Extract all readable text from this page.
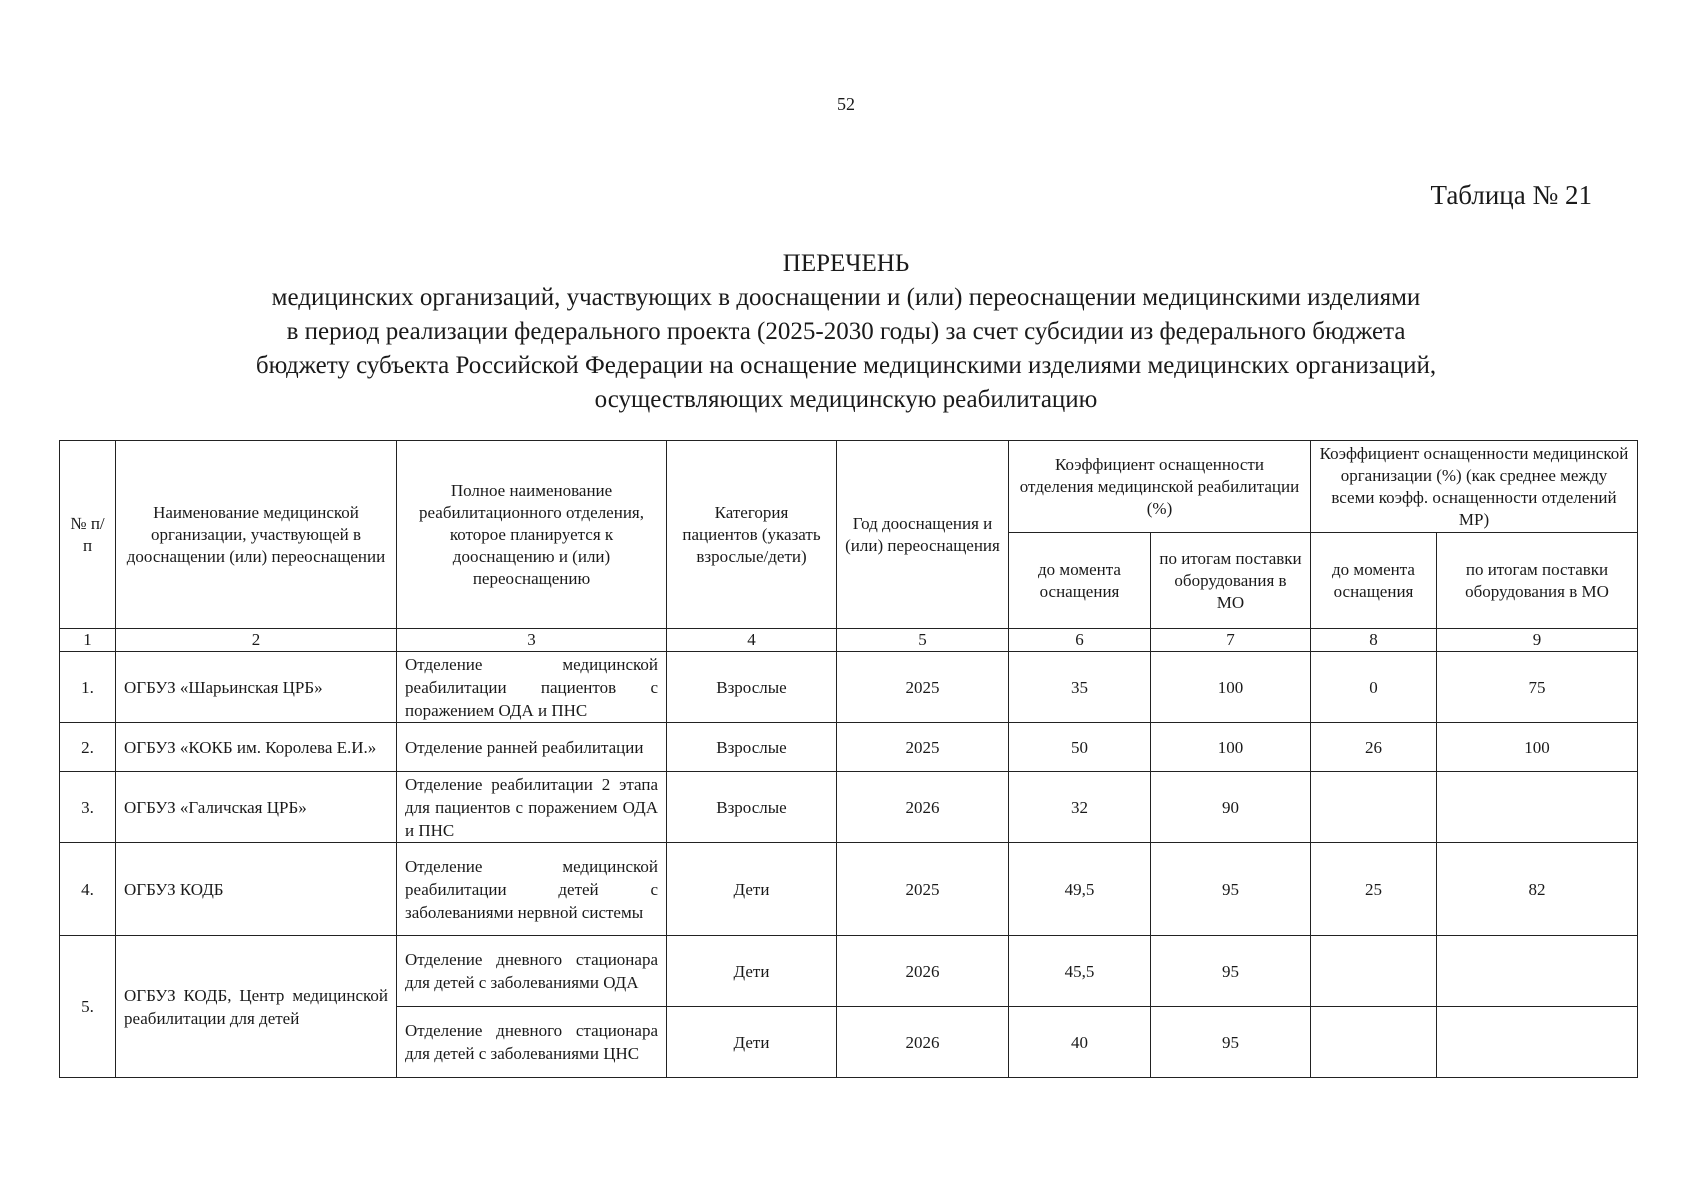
52
Таблица № 21
ПЕРЕЧЕНЬ
медицинских организаций, участвующих в дооснащении и (или) переоснащении медицинскими изделиями
в период реализации федерального проекта (2025-2030 годы) за счет субсидии из федерального бюджета
бюджету субъекта Российской Федерации на оснащение медицинскими изделиями медицинских организаций,
осуществляющих медицинскую реабилитацию
№ п/п	Наименование медицинской организации, участвующей в дооснащении (или) переоснащении	Полное наименование реабилитационного отделения, которое планируется к дооснащению и (или) переоснащению	Категория пациентов (указать взрослые/дети)	Год дооснащения и (или) переоснащения	Коэффициент оснащенности отделения медицинской реабилитации (%)		Коэффициент оснащенности медицинской организации (%) (как среднее между всеми коэфф. оснащенности отделений МР)	
					до момента оснащения	по итогам поставки оборудования в МО	до момента оснащения	по итогам поставки оборудования в МО
1	2	3	4	5	6	7	8	9
1.	ОГБУЗ «Шарьинская ЦРБ»	Отделение медицинской реабилитации пациентов с поражением ОДА и ПНС	Взрослые	2025	35	100	0	75
2.	ОГБУЗ «КОКБ им. Королева Е.И.»	Отделение ранней реабилитации	Взрослые	2025	50	100	26	100
3.	ОГБУЗ «Галичская ЦРБ»	Отделение реабилитации 2 этапа для пациентов с поражением ОДА и ПНС	Взрослые	2026	32	90		
4.	ОГБУЗ КОДБ	Отделение медицинской реабилитации детей с заболеваниями нервной системы	Дети	2025	49,5	95	25	82
5.	ОГБУЗ КОДБ, Центр медицинской реабилитации для детей	Отделение дневного стационара для детей с заболеваниями ОДА	Дети	2026	45,5	95		
		Отделение дневного стационара для детей с заболеваниями ЦНС	Дети	2026	40	95		
